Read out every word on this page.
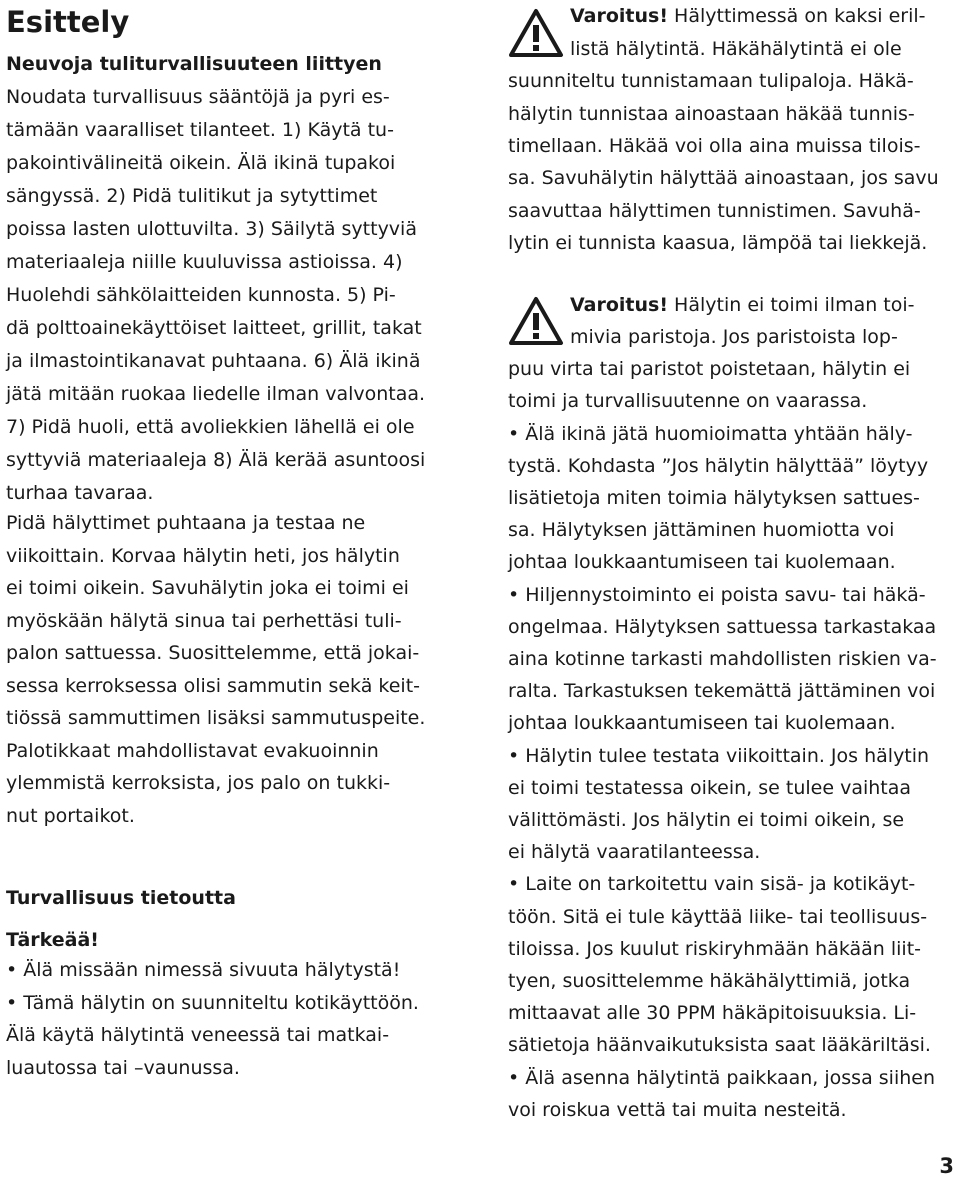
Esittely
Neuvoja tuliturvallisuuteen liittyen
Noudata turvallisuus sääntöjä ja pyri es-
tämään vaaralliset tilanteet. 1) Käytä tu-
pakointivälineitä oikein. Älä ikinä tupakoi
sängyssä. 2) Pidä tulitikut ja sytyttimet
poissa lasten ulottuvilta. 3) Säilytä syttyviä
materiaaleja niille kuuluvissa astioissa. 4)
Huolehdi sähkölaitteiden kunnosta. 5) Pi-
dä polttoainekäyttöiset laitteet, grillit, takat
ja ilmastointikanavat puhtaana. 6) Älä ikinä
jätä mitään ruokaa liedelle ilman valvontaa.
7) Pidä huoli, että avoliekkien lähellä ei ole
syttyviä materiaaleja 8) Älä kerää asuntoosi
turhaa tavaraa.
Pidä hälyttimet puhtaana ja testaa ne
viikoittain. Korvaa hälytin heti, jos hälytin
ei toimi oikein. Savuhälytin joka ei toimi ei
myöskään hälytä sinua tai perhettäsi tuli-
palon sattuessa. Suosittelemme, että jokai-
sessa kerroksessa olisi sammutin sekä keit-
tiössä sammuttimen lisäksi sammutuspeite.
Palotikkaat mahdollistavat evakuoinnin
ylemmistä kerroksista, jos palo on tukki-
nut portaikot.
Turvallisuus tietoutta
Tärkeää!
• Älä missään nimessä sivuuta hälytystä!
• Tämä hälytin on suunniteltu kotikäyttöön.
Älä käytä hälytintä veneessä tai matkai-
luautossa tai –vaunussa.
Varoitus! Hälyttimessä on kaksi eril-
listä hälytintä. Häkähälytintä ei ole
suunniteltu tunnistamaan tulipaloja. Häkä-
hälytin tunnistaa ainoastaan häkää tunnis-
timellaan. Häkää voi olla aina muissa tilois-
sa. Savuhälytin hälyttää ainoastaan, jos savu
saavuttaa hälyttimen tunnistimen. Savuhä-
lytin ei tunnista kaasua, lämpöä tai liekkejä.
Varoitus! Hälytin ei toimi ilman toi-
mivia paristoja. Jos paristoista lop-
puu virta tai paristot poistetaan, hälytin ei
toimi ja turvallisuutenne on vaarassa.
• Älä ikinä jätä huomioimatta yhtään häly-
tystä. Kohdasta ”Jos hälytin hälyttää” löytyy
lisätietoja miten toimia hälytyksen sattues-
sa. Hälytyksen jättäminen huomiotta voi
johtaa loukkaantumiseen tai kuolemaan.
• Hiljennystoiminto ei poista savu- tai häkä-
ongelmaa. Hälytyksen sattuessa tarkastakaa
aina kotinne tarkasti mahdollisten riskien va-
ralta. Tarkastuksen tekemättä jättäminen voi
johtaa loukkaantumiseen tai kuolemaan.
• Hälytin tulee testata viikoittain. Jos hälytin
ei toimi testatessa oikein, se tulee vaihtaa
välittömästi. Jos hälytin ei toimi oikein, se
ei hälytä vaaratilanteessa.
• Laite on tarkoitettu vain sisä- ja kotikäyt-
töön. Sitä ei tule käyttää liike- tai teollisuus-
tiloissa. Jos kuulut riskiryhmään häkään liit-
tyen, suosittelemme häkähälyttimiä, jotka
mittaavat alle 30 PPM häkäpitoisuuksia. Li-
sätietoja häänvaikutuksista saat lääkäriltäsi.
• Älä asenna hälytintä paikkaan, jossa siihen
voi roiskua vettä tai muita nesteitä.
3
